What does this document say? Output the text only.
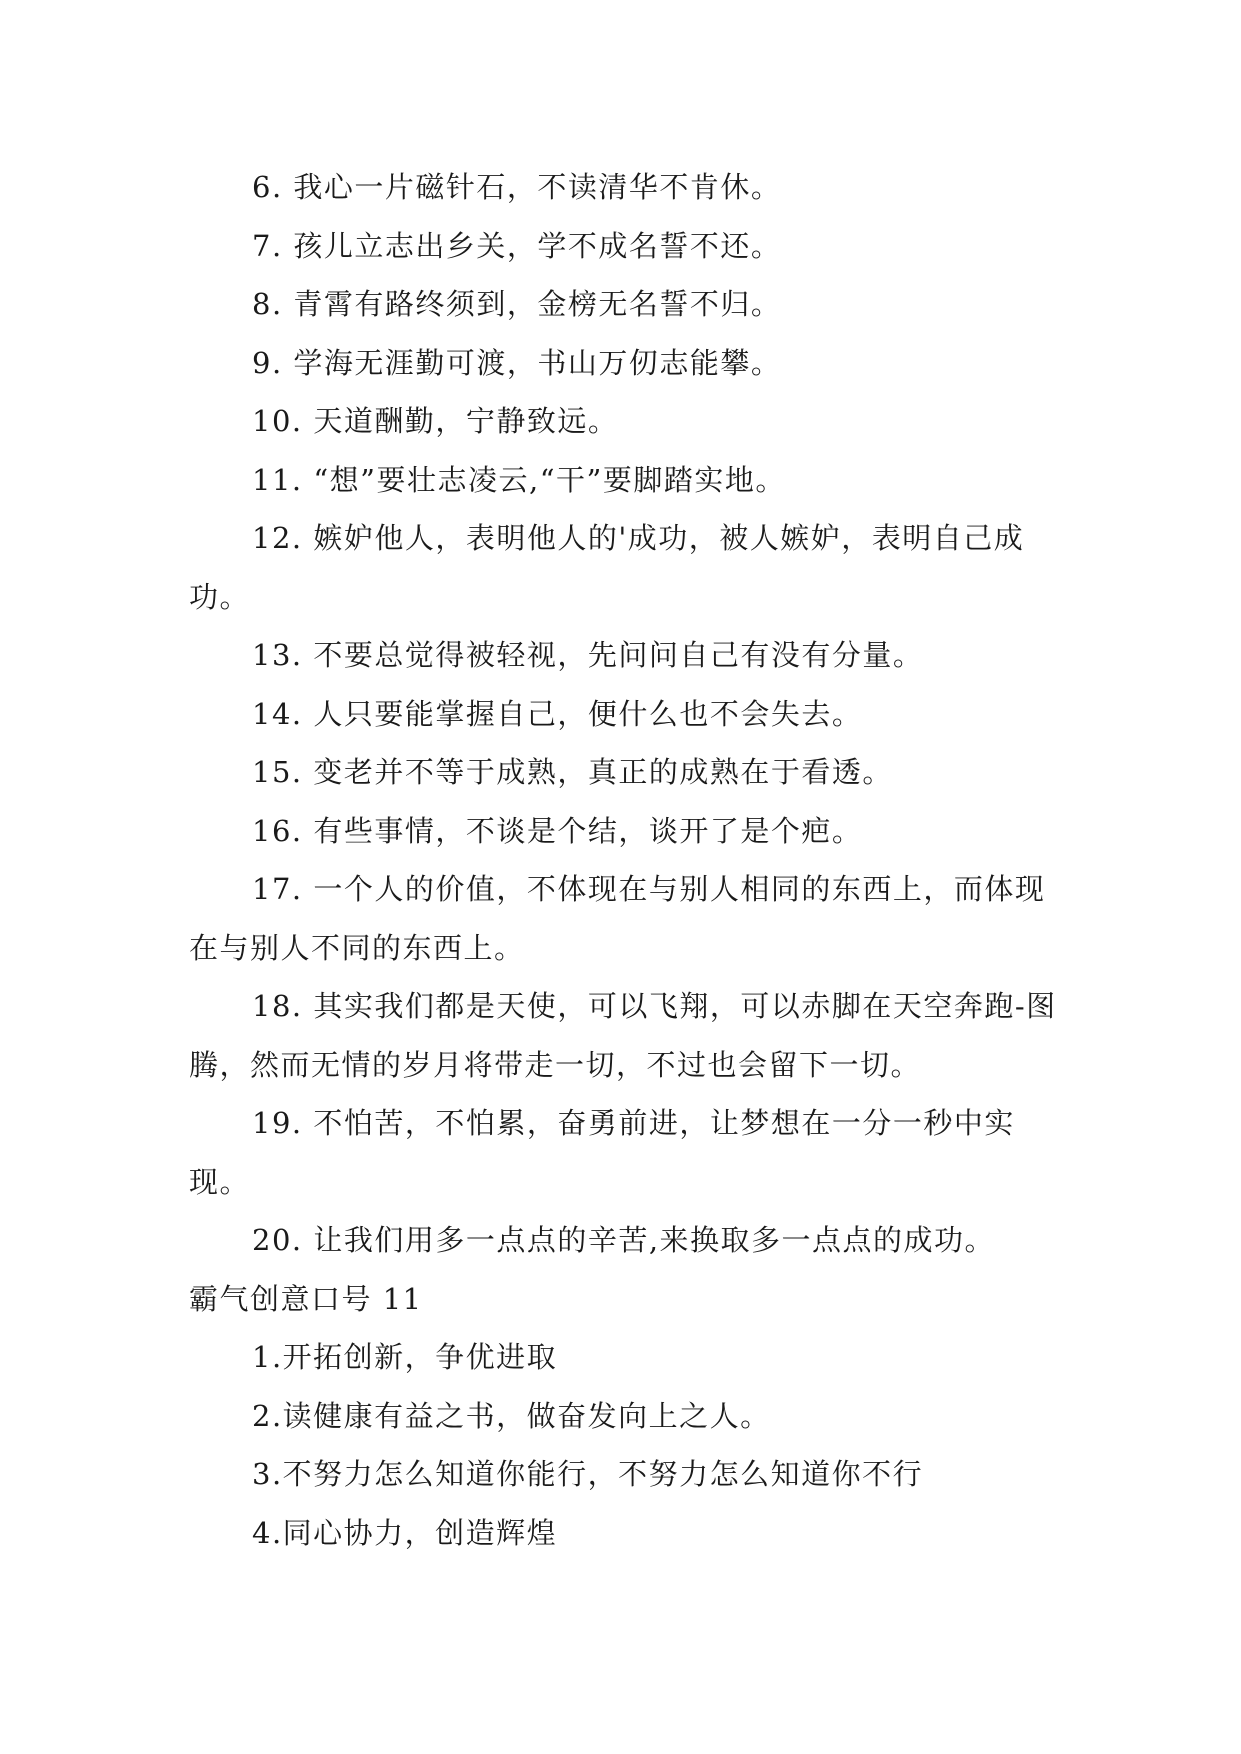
6. 我心一片磁针石，不读清华不肯休。

7. 孩儿立志出乡关，学不成名誓不还。

8. 青霄有路终须到，金榜无名誓不归。

9. 学海无涯勤可渡，书山万仞志能攀。

10. 天道酬勤，宁静致远。

11. “想”要壮志凌云,“干”要脚踏实地。

12. 嫉妒他人，表明他人的'成功，被人嫉妒，表明自己成功。

13. 不要总觉得被轻视，先问问自己有没有分量。

14. 人只要能掌握自己，便什么也不会失去。

15. 变老并不等于成熟，真正的成熟在于看透。

16. 有些事情，不谈是个结，谈开了是个疤。

17. 一个人的价值，不体现在与别人相同的东西上，而体现在与别人不同的东西上。

18. 其实我们都是天使，可以飞翔，可以赤脚在天空奔跑-图腾，然而无情的岁月将带走一切，不过也会留下一切。

19. 不怕苦，不怕累，奋勇前进，让梦想在一分一秒中实现。

20. 让我们用多一点点的辛苦,来换取多一点点的成功。

霸气创意口号 11

1.开拓创新，争优进取

2.读健康有益之书，做奋发向上之人。

3.不努力怎么知道你能行，不努力怎么知道你不行

4.同心协力，创造辉煌
